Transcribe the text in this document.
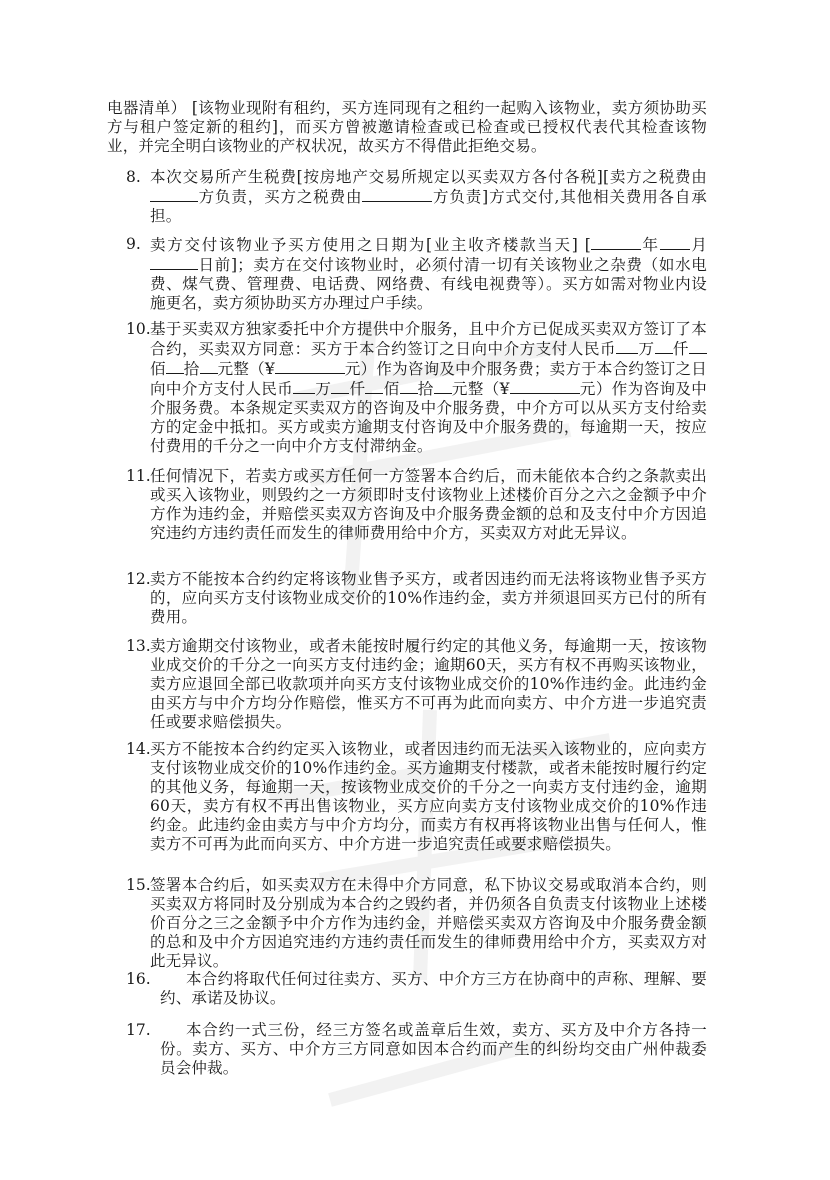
电器清单） [该物业现附有租约，买方连同现有之租约一起购入该物业，卖方须协助买方与租户签定新的租约]，而买方曾被邀请检查或已检查或已授权代表代其检查该物业，并完全明白该物业的产权状况，故买方不得借此拒绝交易。
8. 本次交易所产生税费[按房地产交易所规定以买卖双方各付各税][卖方之税费由方负责，买方之税费由	方负责]方式交付,其他相关费用各自承担。
9. 卖方交付该物业予买方使用之日期为[业主收齐楼款当天] [	年 月日前]；卖方在交付该物业时，必须付清一切有关该物业之杂费（如水电费、煤气费、管理费、电话费、网络费、有线电视费等）。买方如需对物业内设施更名，卖方须协助买方办理过户手续。
10. 基于买卖双方独家委托中介方提供中介服务，且中介方已促成买卖双方签订了本合约，买卖双方同意：买方于本合约签订之日向中介方支付人民币 万 仟佰 拾 元整（¥	元）作为咨询及中介服务费；卖方于本合约签订之日向中介方支付人民币 万 仟 佰 拾 元整（¥	元）作为咨询及中介服务费。本条规定买卖双方的咨询及中介服务费，中介方可以从买方支付给卖方的定金中抵扣。买方或卖方逾期支付咨询及中介服务费的，每逾期一天，按应付费用的千分之一向中介方支付滞纳金。
11. 任何情况下，若卖方或买方任何一方签署本合约后，而未能依本合约之条款卖出或买入该物业，则毁约之一方须即时支付该物业上述楼价百分之六之金额予中介方作为违约金，并赔偿买卖双方咨询及中介服务费金额的总和及支付中介方因追究违约方违约责任而发生的律师费用给中介方，买卖双方对此无异议。
12. 卖方不能按本合约约定将该物业售予买方，或者因违约而无法将该物业售予买方的，应向买方支付该物业成交价的10%作违约金，卖方并须退回买方已付的所有费用。
13. 卖方逾期交付该物业，或者未能按时履行约定的其他义务，每逾期一天，按该物业成交价的千分之一向买方支付违约金；逾期60天，买方有权不再购买该物业，卖方应退回全部已收款项并向买方支付该物业成交价的10%作违约金。此违约金由买方与中介方均分作赔偿，惟买方不可再为此而向卖方、中介方进一步追究责任或要求赔偿损失。
14. 买方不能按本合约约定买入该物业，或者因违约而无法买入该物业的，应向卖方支付该物业成交价的10%作违约金。买方逾期支付楼款，或者未能按时履行约定的其他义务，每逾期一天，按该物业成交价的千分之一向卖方支付违约金，逾期60天，卖方有权不再出售该物业，买方应向卖方支付该物业成交价的10%作违约金。此违约金由卖方与中介方均分，而卖方有权再将该物业出售与任何人，惟卖方不可再为此而向买方、中介方进一步追究责任或要求赔偿损失。
15. 签署本合约后，如买卖双方在未得中介方同意，私下协议交易或取消本合约，则买卖双方将同时及分别成为本合约之毁约者，并仍须各自负责支付该物业上述楼价百分之三之金额予中介方作为违约金，并赔偿买卖双方咨询及中介服务费金额的总和及中介方因追究违约方违约责任而发生的律师费用给中介方，买卖双方对此无异议。
16.	本合约将取代任何过往卖方、买方、中介方三方在协商中的声称、理解、要约、承诺及协议。
17.	本合约一式三份，经三方签名或盖章后生效，卖方、买方及中介方各持一份。卖方、买方、中介方三方同意如因本合约而产生的纠纷均交由广州仲裁委员会仲裁。
